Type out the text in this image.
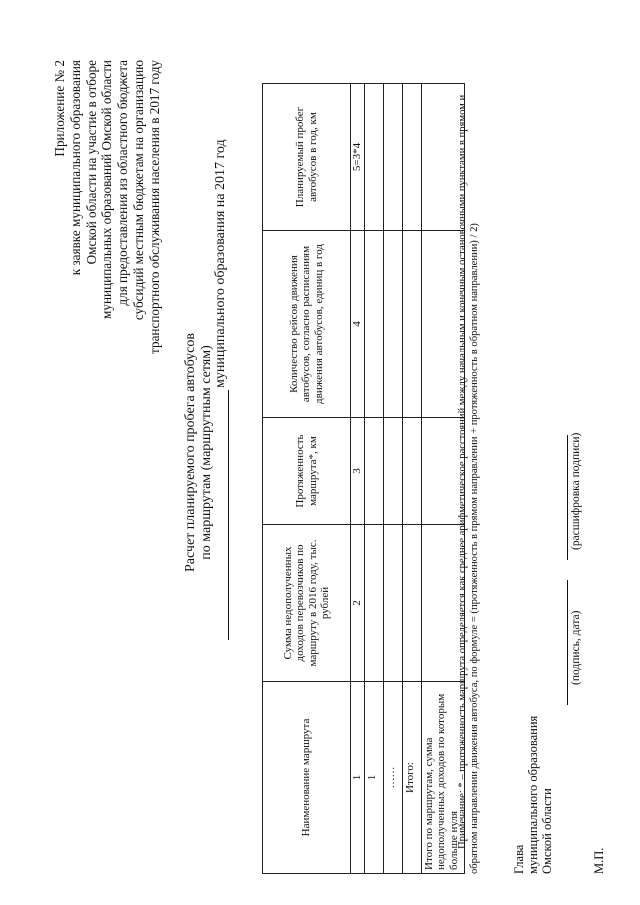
Приложение № 2 к заявке муниципального образования Омской области на участие в отборе муниципальных образований Омской области для предоставления из областного бюджета субсидий местным бюджетам на организацию транспортного обслуживания населения в 2017 году
Расчет планируемого пробега автобусов по маршрутам (маршрутным сетям)
муниципального образования на 2017 год
Наименование маршрута	Сумма недополученных доходов перевозчиков по маршруту в 2016 году, тыс. рублей	Протяженность маршрута*, км	Количество рейсов движения автобусов, согласно расписаниям движения автобусов, единиц в год	Планируемый пробег автобусов в год, км
1	2	3	4	5=3*4
1				
……				
Итого:				
Итого по маршрутам, сумма недополученных доходов по которым больше нуля				
Примечание: * – протяженность маршрута определяется как среднее арифметическое расстояний между начальным и конечным остановочными пунктами в прямом и обратном направлении движения автобуса, по формуле = (протяженность в прямом направлении + протяженность в обратном направлении) / 2)	Глава муниципального образования Омской области
(подпись, дата)
(расшифровка подписи)
М.П.
